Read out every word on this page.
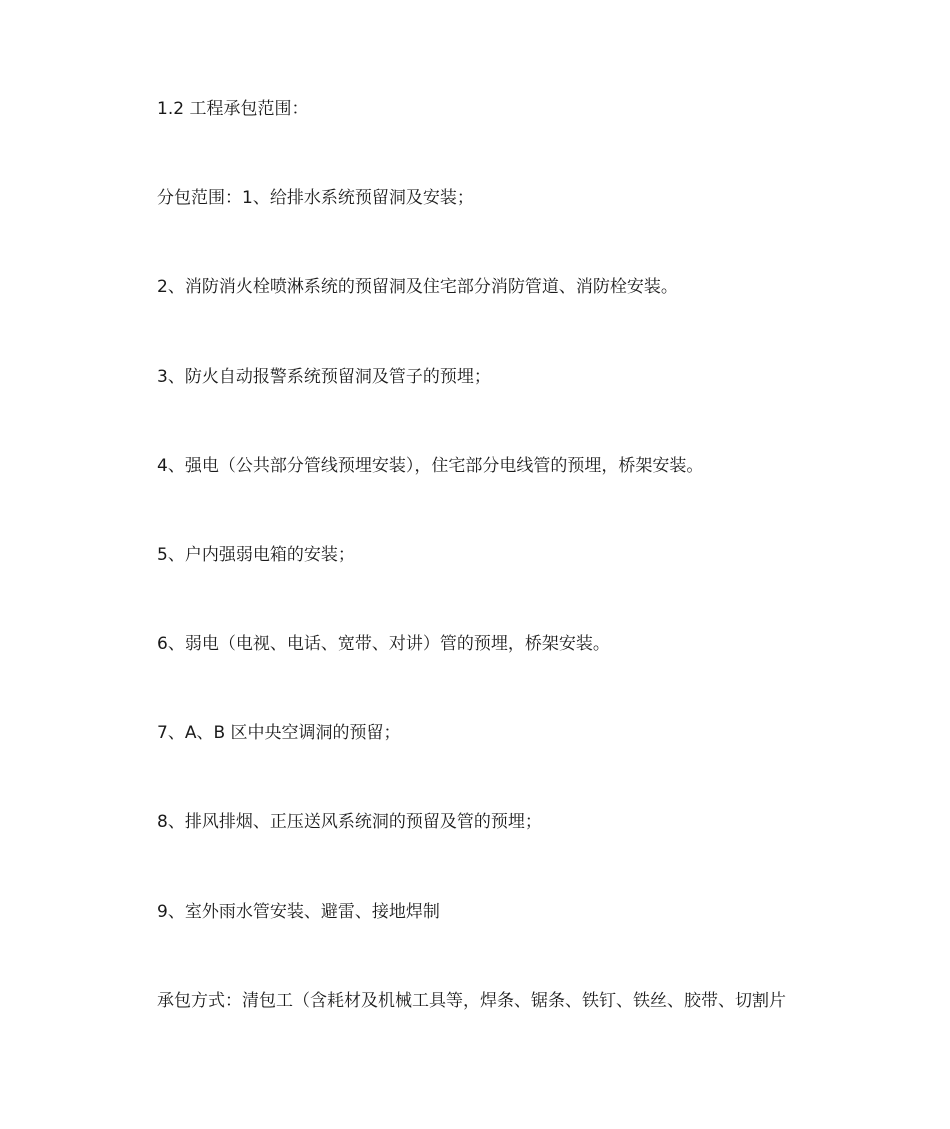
1.2 工程承包范围：
分包范围：1、给排水系统预留洞及安装；
2、消防消火栓喷淋系统的预留洞及住宅部分消防管道、消防栓安装。
3、防火自动报警系统预留洞及管子的预埋；
4、强电（公共部分管线预埋安装），住宅部分电线管的预埋，桥架安装。
5、户内强弱电箱的安装；
6、弱电（电视、电话、宽带、对讲）管的预埋，桥架安装。
7、A、B 区中央空调洞的预留；
8、排风排烟、正压送风系统洞的预留及管的预埋；
9、室外雨水管安装、避雷、接地焊制
承包方式：清包工（含耗材及机械工具等，焊条、锯条、铁钉、铁丝、胶带、切割片
